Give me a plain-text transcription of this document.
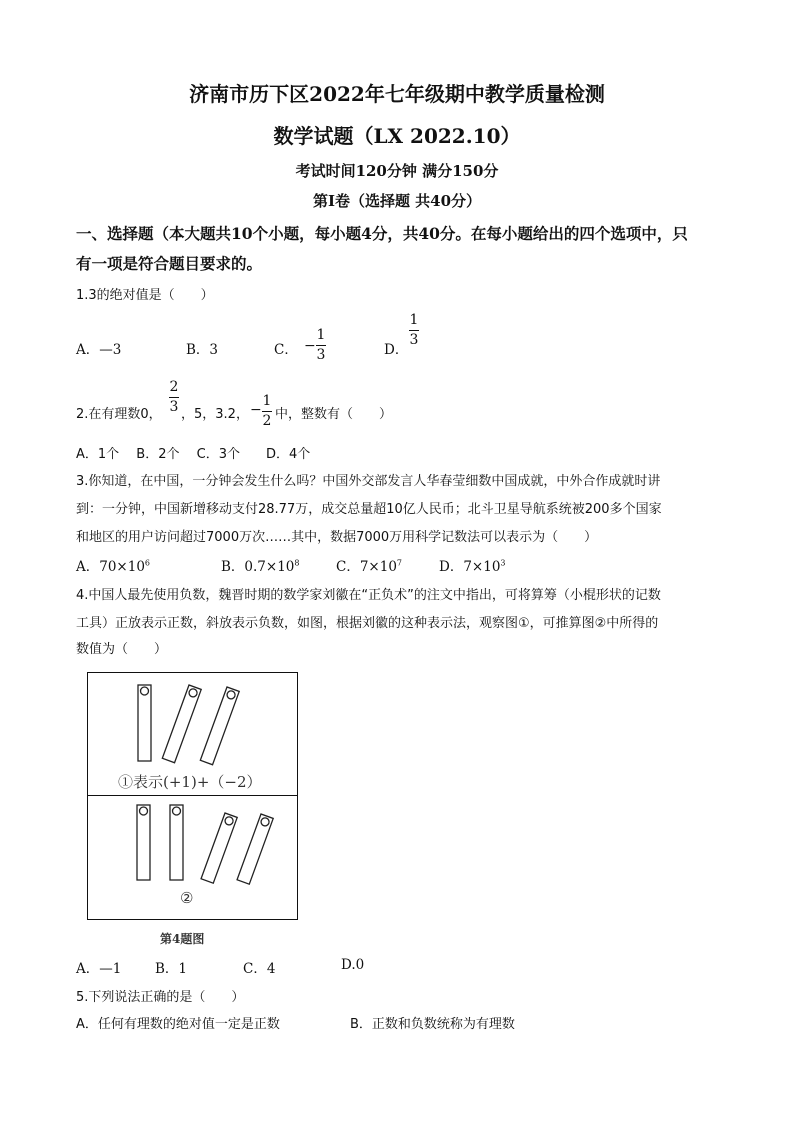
济南市历下区2022年七年级期中教学质量检测
数学试题（LX 2022.10）
考试时间120分钟 满分150分
第Ⅰ卷（选择题 共40分）
一、选择题（本大题共10个小题，每小题4分，共40分。在每小题给出的四个选项中，只
有一项是符合题目要求的。
1.3的绝对值是（　　）
A．—3	B．3	C． −
1
3	D．
1
3
2.在有理数0，
2
3 ，5，3.2， −
1
2 中，整数有（　　）
A．1个　 B．2个　 C．3个　　D．4个
3.你知道，在中国，一分钟会发生什么吗？中国外交部发言人华春莹细数中国成就，中外合作成就时讲
到：一分钟，中国新增移动支付28.77万，成交总量超10亿人民币；北斗卫星导航系统被200多个国家
和地区的用户访问超过7000万次……其中，数据7000万用科学记数法可以表示为（　　）
A．$70\times 10^6$	B．$0.7\times 10^8$	C．$7\times 10^7$	D．$7\times 10^3$
4.中国人最先使用负数，魏晋时期的数学家刘徽在“正负术”的注文中指出，可将算筹（小棍形状的记数
工具）正放表示正数，斜放表示负数，如图，根据刘徽的这种表示法，观察图①，可推算图②中所得的
数值为（　　）
①表示(+1)+（−2）
②
第4题图
A．—1 B．1	C．4	D.0
5.下列说法正确的是（　　）
A．任何有理数的绝对值一定是正数	B．正数和负数统称为有理数
